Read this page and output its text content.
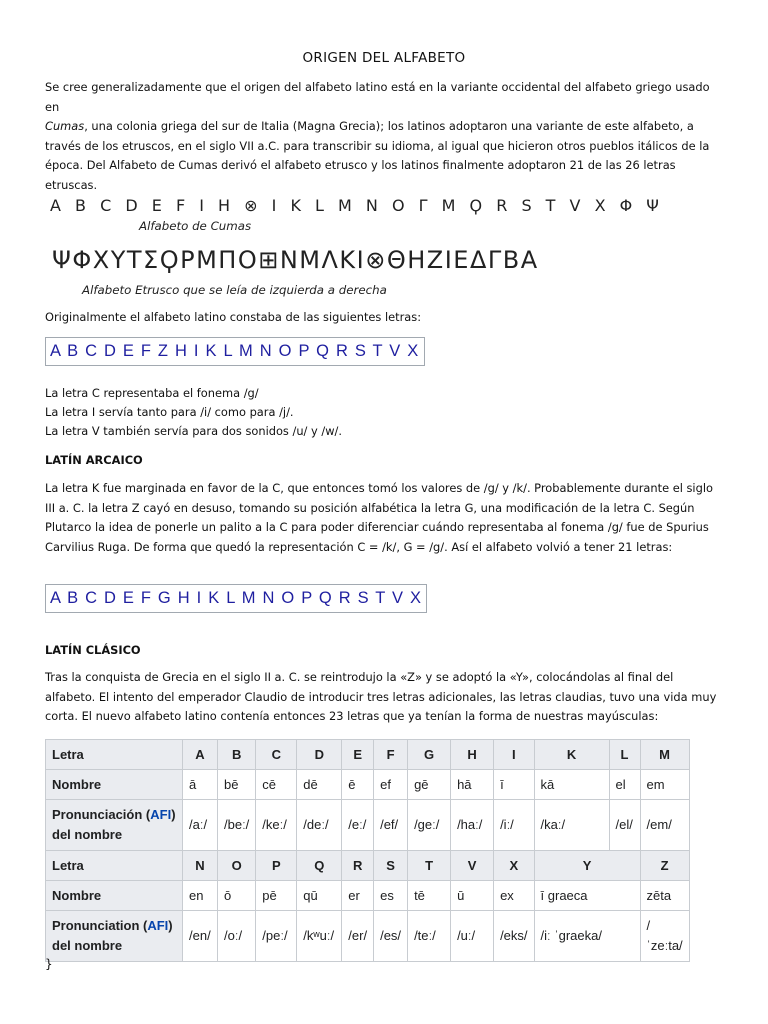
ORIGEN DEL ALFABETO

Se cree generalizadamente que el origen del alfabeto latino está en la variante occidental del alfabeto griego usado en
Cumas, una colonia griega del sur de Italia (Magna Grecia); los latinos adoptaron una variante de este alfabeto, a través de los etruscos, en el siglo VII a.C. para transcribir su idioma, al igual que hicieron otros pueblos itálicos de la época. Del Alfabeto de Cumas derivó el alfabeto etrusco y los latinos finalmente adoptaron 21 de las 26 letras etruscas.

A B C D E F I H ⊗ I K L M N O Γ M Ϙ R S T V X Φ Ψ
Alfabeto de Cumas
ΨΦΧΥΤΣϘΡΜΠΟ⊞ΝΜΛΚΙ⊗ΘΗΖΙΕΔΓΒΑ
Alfabeto Etrusco que se leía de izquierda a derecha
Originalmente el alfabeto latino constaba de las siguientes letras:
A B C D E F Z H I K L M N O P Q R S T V X
La letra C representaba el fonema /g/
La letra I servía tanto para /i/ como para /j/.
La letra V también servía para dos sonidos /u/ y /w/.
LATÍN ARCAICO

La letra K fue marginada en favor de la C, que entonces tomó los valores de /g/ y /k/. Probablemente durante el siglo III a. C. la letra Z cayó en desuso, tomando su posición alfabética la letra G, una modificación de la letra C. Según Plutarco la idea de ponerle un palito a la C para poder diferenciar cuándo representaba al fonema /g/ fue de Spurius Carvilius Ruga. De forma que quedó la representación C = /k/, G = /g/. Así el alfabeto volvió a tener 21 letras:

A B C D E F G H I K L M N O P Q R S T V X
LATÍN CLÁSICO

Tras la conquista de Grecia en el siglo II a. C. se reintrodujo la «Z» y se adoptó la «Y», colocándolas al final del alfabeto. El intento del emperador Claudio de introducir tres letras adicionales, las letras claudias, tuvo una vida muy corta. El nuevo alfabeto latino contenía entonces 23 letras que ya tenían la forma de nuestras mayúsculas:

Letra	A	B	C	D	E	F	G	H	I	K	L	M
Nombre	ā	bē	cē	dē	ē	ef	gē	hā	ī	kā	el	em
Pronunciación (AFI) del nombre	/aː/	/beː/	/keː/	/deː/	/eː/	/ef/	/geː/	/haː/	/iː/	/kaː/	/el/	/em/
Letra	N	O	P	Q	R	S	T	V	X	Y		Z
Nombre	en	ō	pē	qū	er	es	tē	ū	ex	ī graeca		zēta
Pronunciation (AFI) del nombre	/en/	/oː/	/peː/	/kʷuː/	/er/	/es/	/teː/	/uː/	/eks/	/iː ˈgraeka/		/ˈzeːta/
}
